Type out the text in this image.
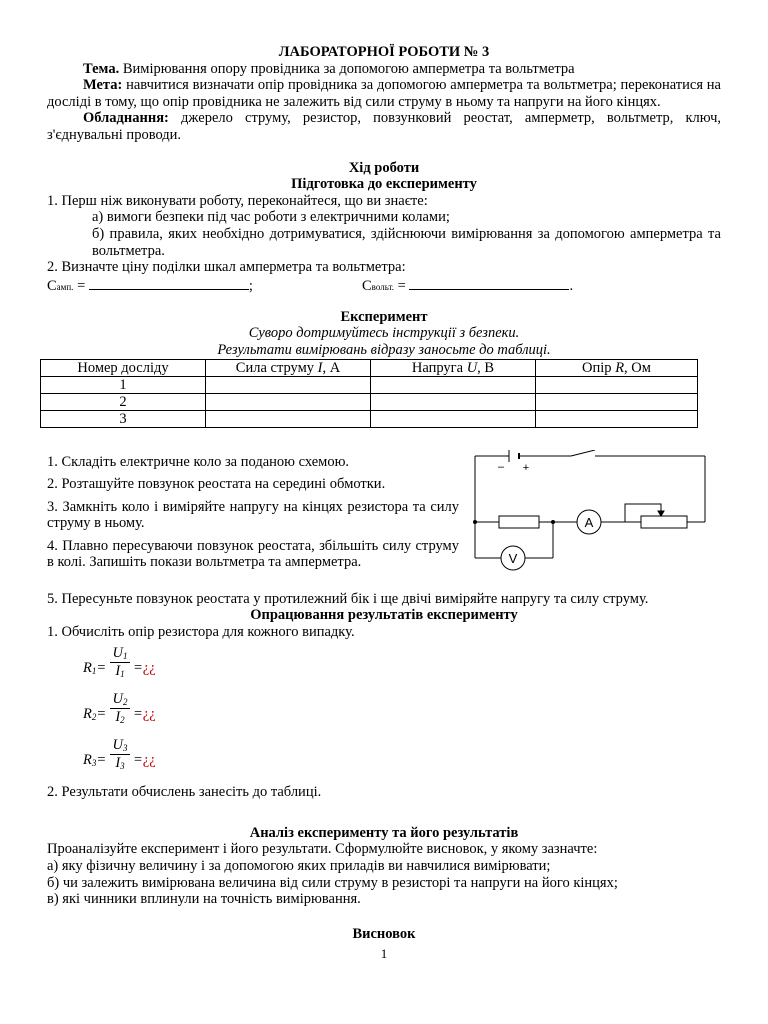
ЛАБОРАТОРНОЇ РОБОТИ № 3

Тема. Вимірювання опору провідника за допомогою амперметра та вольтметра

Мета: навчитися визначати опір провідника за допомогою амперметра та вольтметра; переконатися на досліді в тому, що опір провідника не залежить від сили струму в ньому та напруги на його кінцях.

Обладнання: джерело струму, резистор, повзунковий реостат, амперметр, вольтметр, ключ, з'єднувальні проводи.

Хід роботи

Підготовка до експерименту

1. Перш ніж виконувати роботу, переконайтеся, що ви знаєте:

а) вимоги безпеки під час роботи з електричними колами;

б) правила, яких необхідно дотримуватися, здійснюючи вимірювання за допомогою амперметра та вольтметра.

2. Визначте ціну поділки шкал амперметра та вольтметра:

Cамп. =	;	Cвольт. =	.

Експеримент

Суворо дотримуйтесь інструкції з безпеки.

Результати вимірювань відразу заносьте до таблиці.

Номер досліду	Сила струму I, А	Напруга U, В	Опір R, Ом
1			
2			
3			

1. Складіть електричне коло за поданою схемою.

2. Розташуйте повзунок реостата на середині обмотки.

3. Замкніть коло і виміряйте напругу на кінцях резистора та силу струму в ньому.

4. Плавно пересуваючи повзунок реостата, збільшіть силу струму в колі. Запишіть покази вольтметра та амперметра.

A
V
– +

5. Пересуньте повзунок реостата у протилежний бік і ще двічі виміряйте напругу та силу струму.

Опрацювання результатів експерименту

1. Обчисліть опір резистора для кожного випадку.

$R_1= \frac{U_1}{I_1}$ =¿¿
$R_2= \frac{U_2}{I_2}$ =¿¿
$R_3= \frac{U_3}{I_3}$ =¿¿

2. Результати обчислень занесіть до таблиці.

Аналіз експерименту та його результатів

Проаналізуйте експеримент і його результати. Сформулюйте висновок, у якому зазначте:

а) яку фізичну величину і за допомогою яких приладів ви навчилися вимірювати;

б) чи залежить вимірювана величина від сили струму в резисторі та напруги на його кінцях;

в) які чинники вплинули на точність вимірювання.

Висновок

1
